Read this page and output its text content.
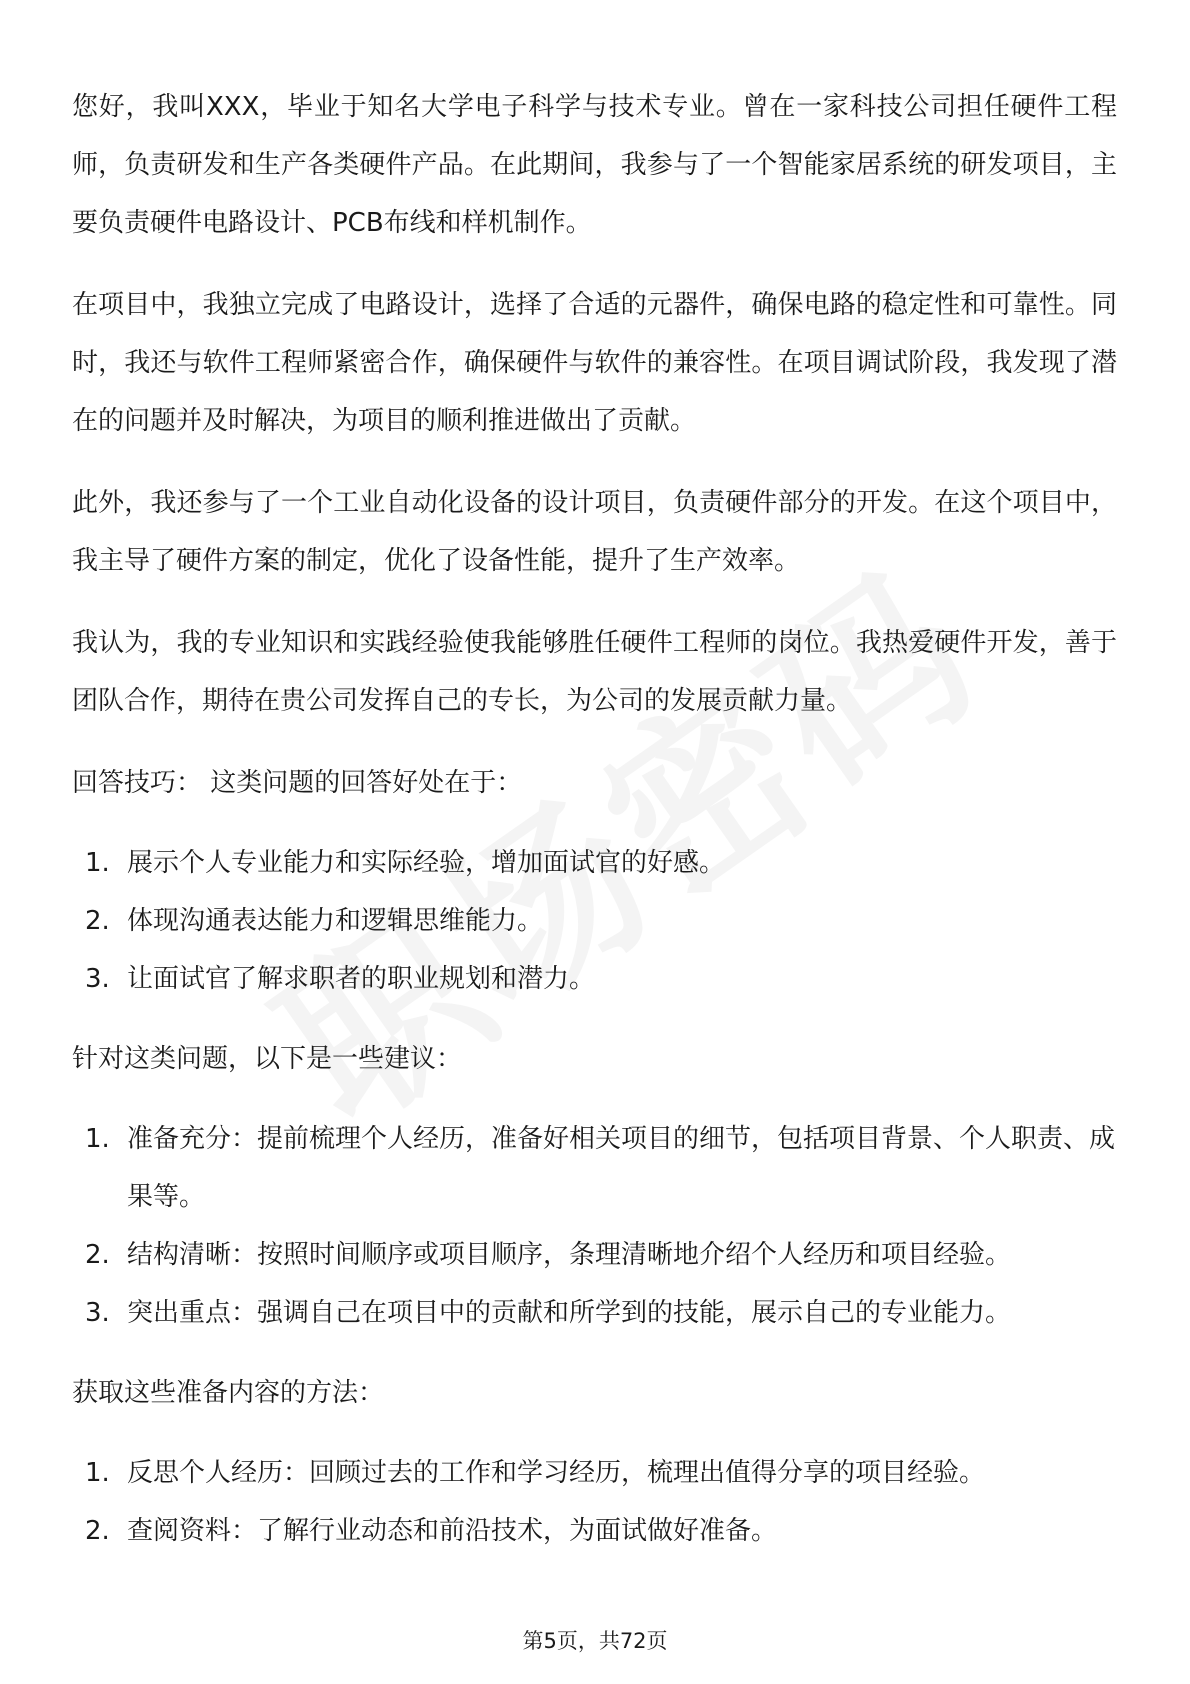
您好，我叫XXX，毕业于知名大学电子科学与技术专业。曾在一家科技公司担任硬件工程师，负责研发和生产各类硬件产品。在此期间，我参与了一个智能家居系统的研发项目，主要负责硬件电路设计、PCB布线和样机制作。

在项目中，我独立完成了电路设计，选择了合适的元器件，确保电路的稳定性和可靠性。同时，我还与软件工程师紧密合作，确保硬件与软件的兼容性。在项目调试阶段，我发现了潜在的问题并及时解决，为项目的顺利推进做出了贡献。

此外，我还参与了一个工业自动化设备的设计项目，负责硬件部分的开发。在这个项目中，我主导了硬件方案的制定，优化了设备性能，提升了生产效率。

我认为，我的专业知识和实践经验使我能够胜任硬件工程师的岗位。我热爱硬件开发，善于团队合作，期待在贵公司发挥自己的专长，为公司的发展贡献力量。

回答技巧： 这类问题的回答好处在于：

1. 展示个人专业能力和实际经验，增加面试官的好感。
2. 体现沟通表达能力和逻辑思维能力。
3. 让面试官了解求职者的职业规划和潜力。

针对这类问题，以下是一些建议：

1. 准备充分：提前梳理个人经历，准备好相关项目的细节，包括项目背景、个人职责、成果等。
2. 结构清晰：按照时间顺序或项目顺序，条理清晰地介绍个人经历和项目经验。
3. 突出重点：强调自己在项目中的贡献和所学到的技能，展示自己的专业能力。

获取这些准备内容的方法：

1. 反思个人经历：回顾过去的工作和学习经历，梳理出值得分享的项目经验。
2. 查阅资料：了解行业动态和前沿技术，为面试做好准备。
第5页，共72页
